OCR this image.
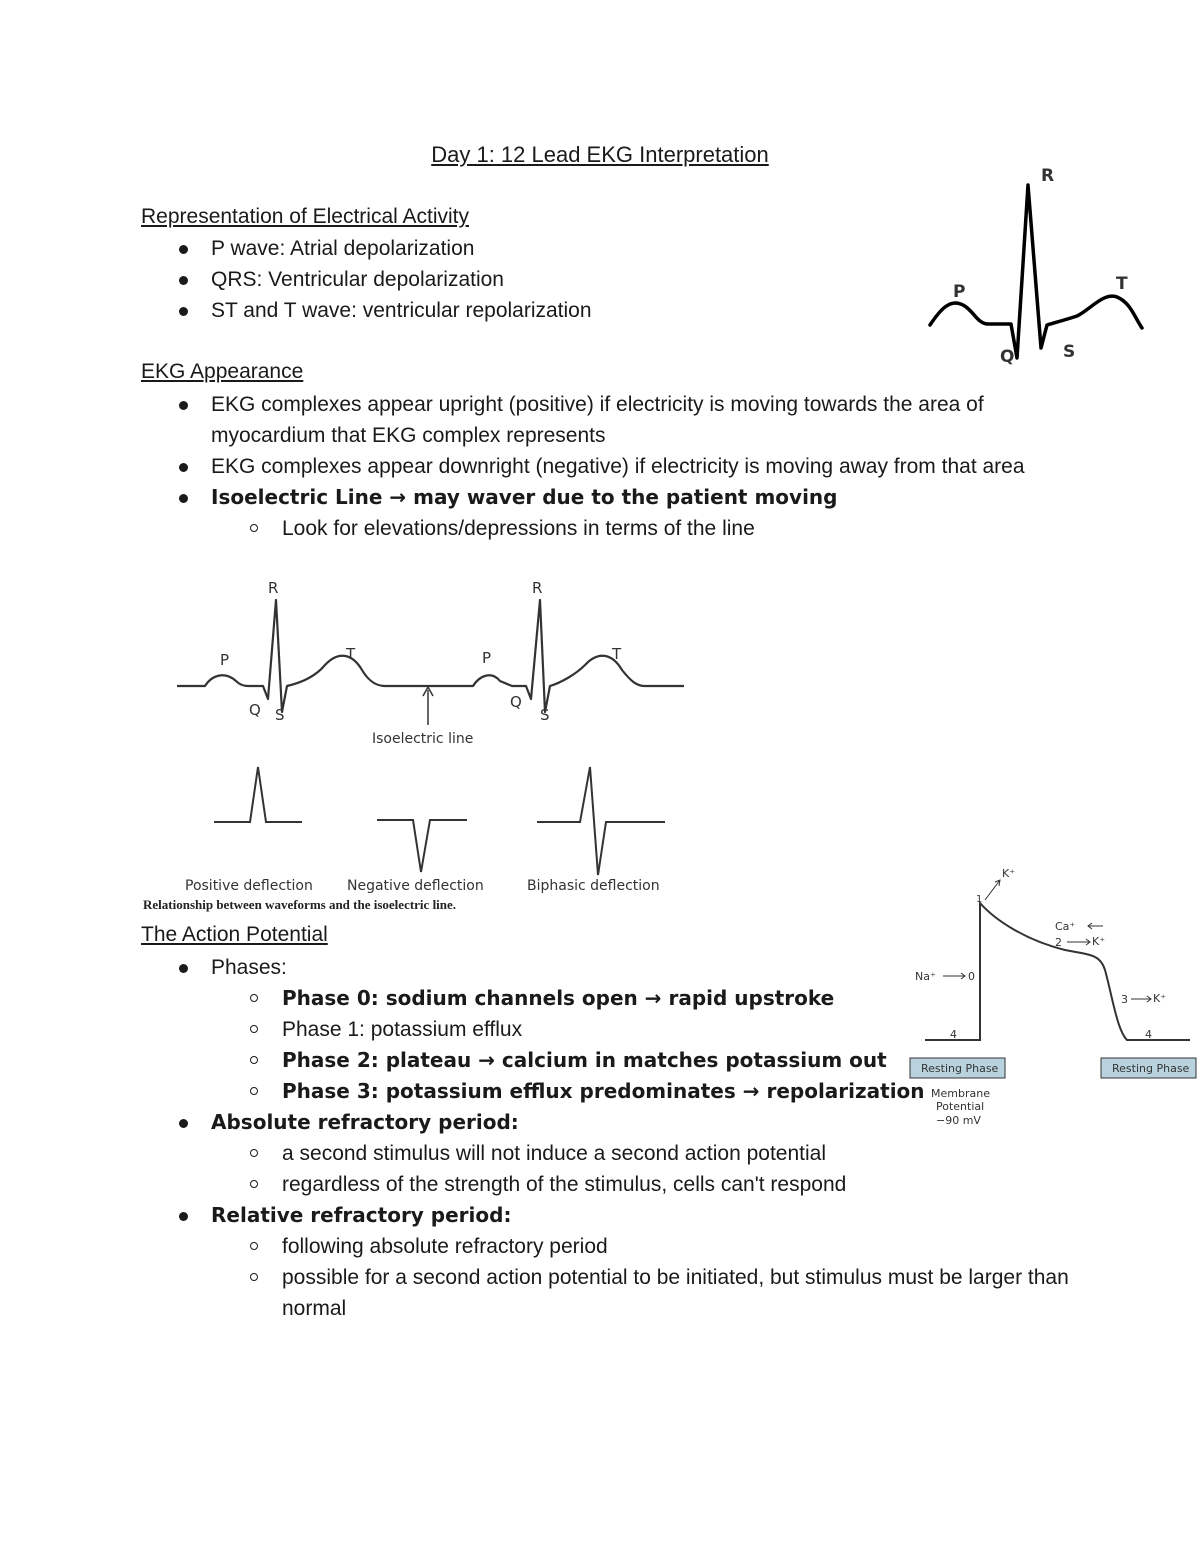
Day 1: 12 Lead EKG Interpretation
Representation of Electrical Activity
P wave: Atrial depolarization
QRS: Ventricular depolarization
ST and T wave: ventricular repolarization
R
P	T
Q	S
EKG Appearance
EKG complexes appear upright (positive) if electricity is moving towards the area of myocardium that EKG complex represents
EKG complexes appear downright (negative) if electricity is moving away from that area
Isoelectric Line → may waver due to the patient moving
Look for elevations/depressions in terms of the line
R
P	T
Q S
R
P	T
Q
S
Isoelectric line
Positive deflection Negative deflection	Biphasic deflection
Relationship between waveforms and the isoelectric line.
The Action Potential
Phases:
Phase 0: sodium channels open → rapid upstroke
Phase 1: potassium efflux
Phase 2: plateau → calcium in matches potassium out
Phase 3: potassium efflux predominates → repolarization
Absolute refractory period:
a second stimulus will not induce a second action potential
regardless of the strength of the stimulus, cells can't respond
Relative refractory period:
following absolute refractory period
possible for a second action potential to be initiated, but stimulus must be larger than normal
K⁺
1
Ca⁺
2	K⁺
Na⁺	0
3 K⁺
4	4
Resting Phase	Resting Phase
Membrane
Potential
−90 mV
